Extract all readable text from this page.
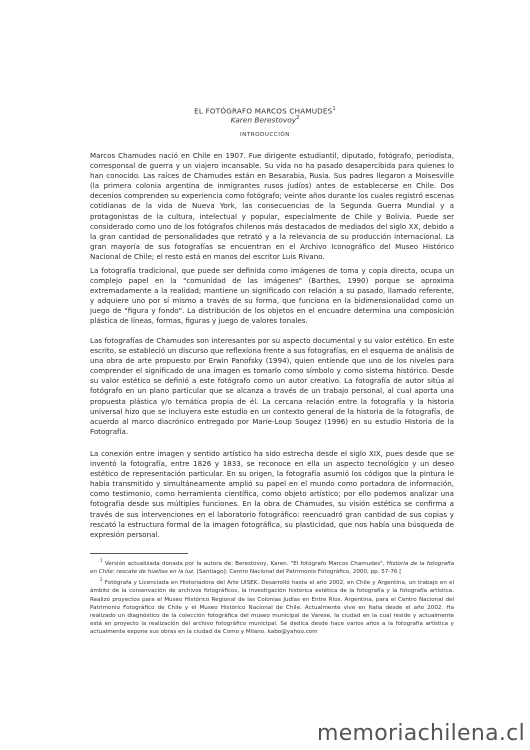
EL FOTÓGRAFO MARCOS CHAMUDES$^1$
Karen Berestovoy$^2$
INTRODUCCIÓN
Marcos Chamudes nació en Chile en 1907. Fue dirigente estudiantil, diputado, fotógrafo, periodista, corresponsal de guerra y un viajero incansable. Su vida no ha pasado desapercibida para quienes lo han conocido. Las raíces de Chamudes están en Besarabia, Rusia. Sus padres llegaron a Moisesville (la primera colonia argentina de inmigrantes rusos judíos) antes de establecerse en Chile. Dos decenios comprenden su experiencia como fotógrafo; veinte años durante los cuales registró escenas cotidianas de la vida de Nueva York, las consecuencias de la Segunda Guerra Mundial y a protagonistas de la cultura, intelectual y popular, especialmente de Chile y Bolivia. Puede ser considerado como uno de los fotógrafos chilenos más destacados de mediados del siglo XX, debido a la gran cantidad de personalidades que retrató y a la relevancia de su producción internacional. La gran mayoría de sus fotografías se encuentran en el Archivo Iconográfico del Museo Histórico Nacional de Chile; el resto está en manos del escritor Luis Rivano.
La fotografía tradicional, que puede ser definida como imágenes de toma y copia directa, ocupa un complejo papel en la "comunidad de las imágenes" (Barthes, 1990) porque se aproxima extremadamente a la realidad; mantiene un significado con relación a su pasado, llamado referente, y adquiere uno por sí mismo a través de su forma, que funciona en la bidimensionalidad como un juego de "figura y fondo". La distribución de los objetos en el encuadre determina una composición plástica de líneas, formas, figuras y juego de valores tonales.
Las fotografías de Chamudes son interesantes por su aspecto documental y su valor estético. En este escrito, se estableció un discurso que reflexiona frente a sus fotografías, en el esquema de análisis de una obra de arte propuesto por Erwin Panofsky (1994), quien entiende que uno de los niveles para comprender el significado de una imagen es tomarlo como símbolo y como sistema histórico. Desde su valor estético se definió a este fotógrafo como un autor creativo. La fotografía de autor sitúa al fotógrafo en un plano particular que se alcanza a través de un trabajo personal, al cual aporta una propuesta plástica y/o temática propia de él. La cercana relación entre la fotografía y la historia universal hizo que se incluyera este estudio en un contexto general de la historia de la fotografía, de acuerdo al marco diacrónico entregado por Marie-Loup Sougez (1996) en su estudio Historia de la Fotografía.
La conexión entre imagen y sentido artístico ha sido estrecha desde el siglo XIX, pues desde que se inventó la fotografía, entre 1826 y 1833, se reconoce en ella un aspecto tecnológico y un deseo estético de representación particular. En su origen, la fotografía asumió los códigos que la pintura le había transmitido y simultáneamente amplió su papel en el mundo como portadora de información, como testimonio, como herramienta científica, como objeto artístico; por ello podemos analizar una fotografía desde sus múltiples funciones. En la obra de Chamudes, su visión estética se confirma a través de sus intervenciones en el laboratorio fotográfico: reencuadró gran cantidad de sus copias y rescató la estructura formal de la imagen fotográfica, su plasticidad, que nos había una búsqueda de expresión personal.

$^1$ Versión actualizada donada por la autora de: Berestovoy, Karen. "El fotógrafo Marcos Chamudes", Historia de la fotografía en Chile: rescate de huellas en la luz. [Santiago]: Centro Nacional del Patrimonio Fotográfico, 2000, pp. 57-76 [

$^2$ Fotógrafa y Licenciada en Historiadora del Arte UISEK. Desarrolló hasta el año 2002, en Chile y Argentina, un trabajo en el ámbito de la conservación de archivos fotográficos, la investigación histórica estética de la fotografía y la fotografía artística. Realizó proyectos para el Museo Histórico Regional de las Colonias Judías en Entre Ríos, Argentina, para el Centro Nacional del Patrimonio Fotográfico de Chile y el Museo Histórico Nacional de Chile. Actualmente vive en Italia desde el año 2002. Ha realizado un diagnóstico de la colección fotográfica del museo municipal de Varese, la ciudad en la cual reside y actualmente está en proyecto la realización del archivo fotográfico municipal. Se dedica desde hace varios años a la fotografía artística y actualmente expone sus obras en la ciudad de Como y Milano. kabo@yahoo.com

memoriachilena.cl
